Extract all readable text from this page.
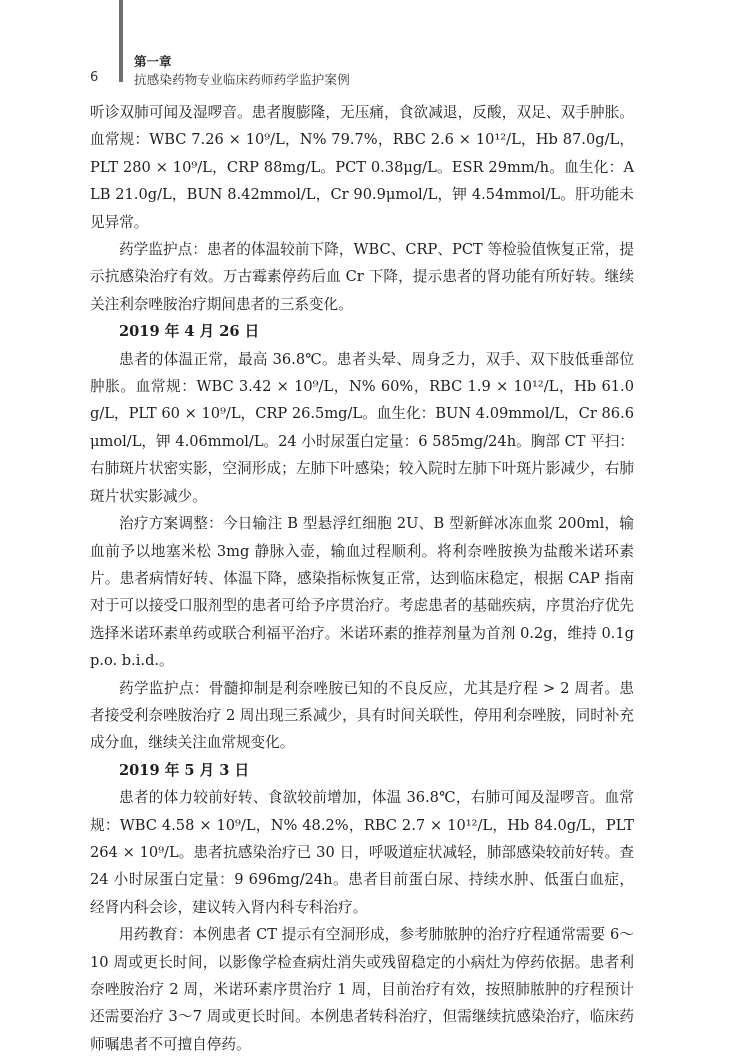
6
第一章
抗感染药物专业临床药师药学监护案例

听诊双肺可闻及湿啰音。患者腹膨隆，无压痛，食欲减退，反酸，双足、双手肿胀。血常规：WBC 7.26 × 10⁹/L，N% 79.7%，RBC 2.6 × 10¹²/L，Hb 87.0g/L，PLT 280 × 10⁹/L，CRP 88mg/L。PCT 0.38μg/L。ESR 29mm/h。血生化：ALB 21.0g/L，BUN 8.42mmol/L，Cr 90.9μmol/L，钾 4.54mmol/L。肝功能未见异常。

药学监护点：患者的体温较前下降，WBC、CRP、PCT 等检验值恢复正常，提示抗感染治疗有效。万古霉素停药后血 Cr 下降，提示患者的肾功能有所好转。继续关注利奈唑胺治疗期间患者的三系变化。

2019 年 4 月 26 日

患者的体温正常，最高 36.8℃。患者头晕、周身乏力，双手、双下肢低垂部位肿胀。血常规：WBC 3.42 × 10⁹/L，N% 60%，RBC 1.9 × 10¹²/L，Hb 61.0g/L，PLT 60 × 10⁹/L，CRP 26.5mg/L。血生化：BUN 4.09mmol/L，Cr 86.6μmol/L，钾 4.06mmol/L。24 小时尿蛋白定量：6 585mg/24h。胸部 CT 平扫：右肺斑片状密实影，空洞形成；左肺下叶感染；较入院时左肺下叶斑片影减少，右肺斑片状实影减少。

治疗方案调整：今日输注 B 型悬浮红细胞 2U、B 型新鲜冰冻血浆 200ml，输血前予以地塞米松 3mg 静脉入壶，输血过程顺利。将利奈唑胺换为盐酸米诺环素片。患者病情好转、体温下降，感染指标恢复正常，达到临床稳定，根据 CAP 指南对于可以接受口服剂型的患者可给予序贯治疗。考虑患者的基础疾病，序贯治疗优先选择米诺环素单药或联合利福平治疗。米诺环素的推荐剂量为首剂 0.2g，维持 0.1g p.o. b.i.d.。

药学监护点：骨髓抑制是利奈唑胺已知的不良反应，尤其是疗程 > 2 周者。患者接受利奈唑胺治疗 2 周出现三系减少，具有时间关联性，停用利奈唑胺，同时补充成分血，继续关注血常规变化。

2019 年 5 月 3 日

患者的体力较前好转、食欲较前增加，体温 36.8℃，右肺可闻及湿啰音。血常规：WBC 4.58 × 10⁹/L，N% 48.2%，RBC 2.7 × 10¹²/L，Hb 84.0g/L，PLT 264 × 10⁹/L。患者抗感染治疗已 30 日，呼吸道症状减轻，肺部感染较前好转。查 24 小时尿蛋白定量：9 696mg/24h。患者目前蛋白尿、持续水肿、低蛋白血症，经肾内科会诊，建议转入肾内科专科治疗。

用药教育：本例患者 CT 提示有空洞形成，参考肺脓肿的治疗疗程通常需要 6～10 周或更长时间，以影像学检查病灶消失或残留稳定的小病灶为停药依据。患者利奈唑胺治疗 2 周，米诺环素序贯治疗 1 周，目前治疗有效，按照肺脓肿的疗程预计还需要治疗 3～7 周或更长时间。本例患者转科治疗，但需继续抗感染治疗，临床药师嘱患者不可擅自停药。
